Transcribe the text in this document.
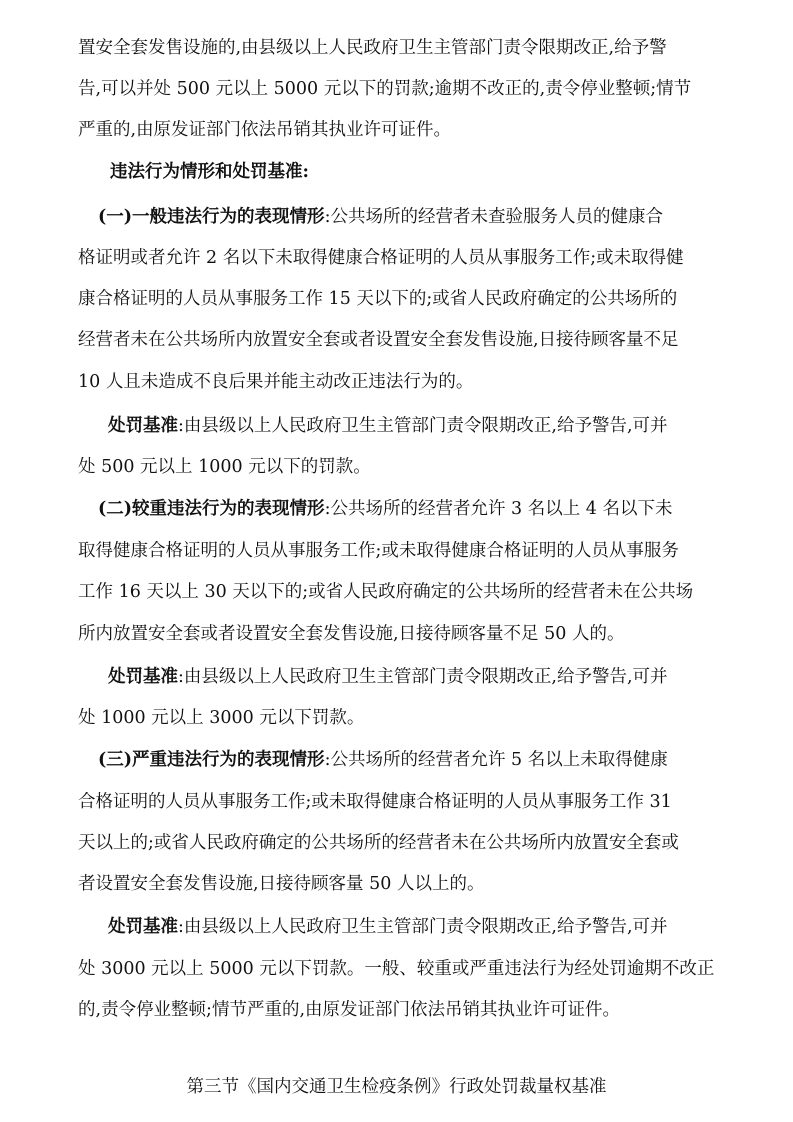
置安全套发售设施的,由县级以上人民政府卫生主管部门责令限期改正,给予警
告,可以并处 500 元以上 5000 元以下的罚款;逾期不改正的,责令停业整顿;情节
严重的,由原发证部门依法吊销其执业许可证件。
违法行为情形和处罚基准:
(一)一般违法行为的表现情形:公共场所的经营者未查验服务人员的健康合
格证明或者允许 2 名以下未取得健康合格证明的人员从事服务工作;或未取得健
康合格证明的人员从事服务工作 15 天以下的;或省人民政府确定的公共场所的
经营者未在公共场所内放置安全套或者设置安全套发售设施,日接待顾客量不足
10 人且未造成不良后果并能主动改正违法行为的。
处罚基准:由县级以上人民政府卫生主管部门责令限期改正,给予警告,可并
处 500 元以上 1000 元以下的罚款。
(二)较重违法行为的表现情形:公共场所的经营者允许 3 名以上 4 名以下未
取得健康合格证明的人员从事服务工作;或未取得健康合格证明的人员从事服务
工作 16 天以上 30 天以下的;或省人民政府确定的公共场所的经营者未在公共场
所内放置安全套或者设置安全套发售设施,日接待顾客量不足 50 人的。
处罚基准:由县级以上人民政府卫生主管部门责令限期改正,给予警告,可并
处 1000 元以上 3000 元以下罚款。
(三)严重违法行为的表现情形:公共场所的经营者允许 5 名以上未取得健康
合格证明的人员从事服务工作;或未取得健康合格证明的人员从事服务工作 31
天以上的;或省人民政府确定的公共场所的经营者未在公共场所内放置安全套或
者设置安全套发售设施,日接待顾客量 50 人以上的。
处罚基准:由县级以上人民政府卫生主管部门责令限期改正,给予警告,可并
处 3000 元以上 5000 元以下罚款。一般、较重或严重违法行为经处罚逾期不改正
的,责令停业整顿;情节严重的,由原发证部门依法吊销其执业许可证件。
第三节《国内交通卫生检疫条例》行政处罚裁量权基准
